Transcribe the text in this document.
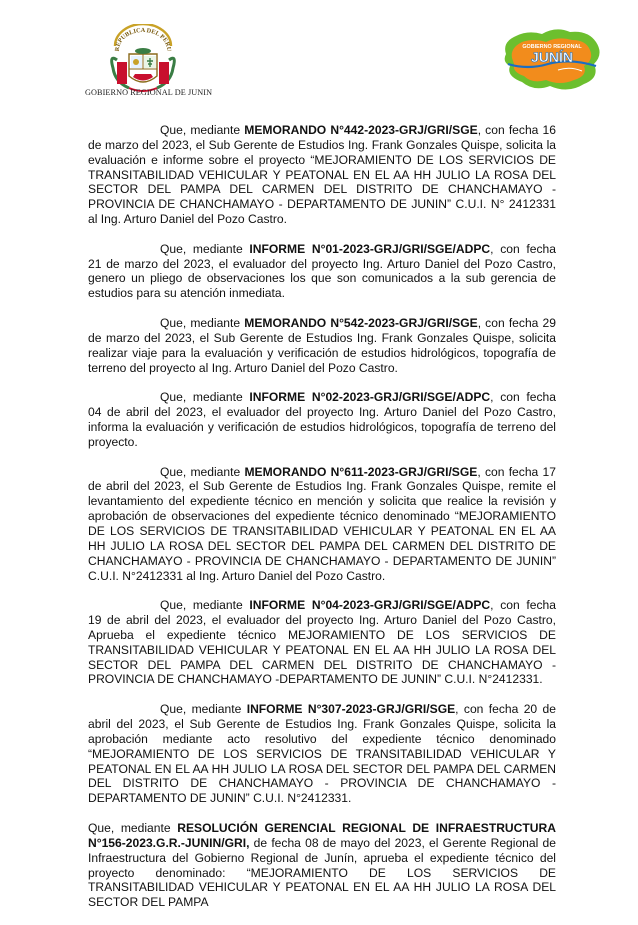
REPUBLICA DEL PERU
GOBIERNO REGIONAL DE JUNIN
GOBIERNO REGIONAL
JUNÍN

Que, mediante MEMORANDO N°442-2023-GRJ/GRI/SGE, con fecha 16 de marzo del 2023, el Sub Gerente de Estudios Ing. Frank Gonzales Quispe, solicita la evaluación e informe sobre el proyecto “MEJORAMIENTO DE LOS SERVICIOS DE TRANSITABILIDAD VEHICULAR Y PEATONAL EN EL AA HH JULIO LA ROSA DEL SECTOR DEL PAMPA DEL CARMEN DEL DISTRITO DE CHANCHAMAYO - PROVINCIA DE CHANCHAMAYO - DEPARTAMENTO DE JUNIN” C.U.I. N° 2412331 al Ing. Arturo Daniel del Pozo Castro.

Que, mediante INFORME N°01-2023-GRJ/GRI/SGE/ADPC, con fecha 21 de marzo del 2023, el evaluador del proyecto Ing. Arturo Daniel del Pozo Castro, genero un pliego de observaciones los que son comunicados a la sub gerencia de estudios para su atención inmediata.

Que, mediante MEMORANDO N°542-2023-GRJ/GRI/SGE, con fecha 29 de marzo del 2023, el Sub Gerente de Estudios Ing. Frank Gonzales Quispe, solicita realizar viaje para la evaluación y verificación de estudios hidrológicos, topografía de terreno del proyecto al Ing. Arturo Daniel del Pozo Castro.

Que, mediante INFORME N°02-2023-GRJ/GRI/SGE/ADPC, con fecha 04 de abril del 2023, el evaluador del proyecto Ing. Arturo Daniel del Pozo Castro, informa la evaluación y verificación de estudios hidrológicos, topografía de terreno del proyecto.

Que, mediante MEMORANDO N°611-2023-GRJ/GRI/SGE, con fecha 17 de abril del 2023, el Sub Gerente de Estudios Ing. Frank Gonzales Quispe, remite el levantamiento del expediente técnico en mención y solicita que realice la revisión y aprobación de observaciones del expediente técnico denominado “MEJORAMIENTO DE LOS SERVICIOS DE TRANSITABILIDAD VEHICULAR Y PEATONAL EN EL AA HH JULIO LA ROSA DEL SECTOR DEL PAMPA DEL CARMEN DEL DISTRITO DE CHANCHAMAYO - PROVINCIA DE CHANCHAMAYO - DEPARTAMENTO DE JUNIN” C.U.I. N°2412331 al Ing. Arturo Daniel del Pozo Castro.

Que, mediante INFORME N°04-2023-GRJ/GRI/SGE/ADPC, con fecha 19 de abril del 2023, el evaluador del proyecto Ing. Arturo Daniel del Pozo Castro, Aprueba el expediente técnico MEJORAMIENTO DE LOS SERVICIOS DE TRANSITABILIDAD VEHICULAR Y PEATONAL EN EL AA HH JULIO LA ROSA DEL SECTOR DEL PAMPA DEL CARMEN DEL DISTRITO DE CHANCHAMAYO - PROVINCIA DE CHANCHAMAYO -DEPARTAMENTO DE JUNIN” C.U.I. N°2412331.

Que, mediante INFORME N°307-2023-GRJ/GRI/SGE, con fecha 20 de abril del 2023, el Sub Gerente de Estudios Ing. Frank Gonzales Quispe, solicita la aprobación mediante acto resolutivo del expediente técnico denominado “MEJORAMIENTO DE LOS SERVICIOS DE TRANSITABILIDAD VEHICULAR Y PEATONAL EN EL AA HH JULIO LA ROSA DEL SECTOR DEL PAMPA DEL CARMEN DEL DISTRITO DE CHANCHAMAYO - PROVINCIA DE CHANCHAMAYO - DEPARTAMENTO DE JUNIN” C.U.I. N°2412331.

Que, mediante RESOLUCIÓN GERENCIAL REGIONAL DE INFRAESTRUCTURA N°156-2023.G.R.-JUNIN/GRI, de fecha 08 de mayo del 2023, el Gerente Regional de Infraestructura del Gobierno Regional de Junín, aprueba el expediente técnico del proyecto denominado: “MEJORAMIENTO DE LOS SERVICIOS DE TRANSITABILIDAD VEHICULAR Y PEATONAL EN EL AA HH JULIO LA ROSA DEL SECTOR DEL PAMPA
